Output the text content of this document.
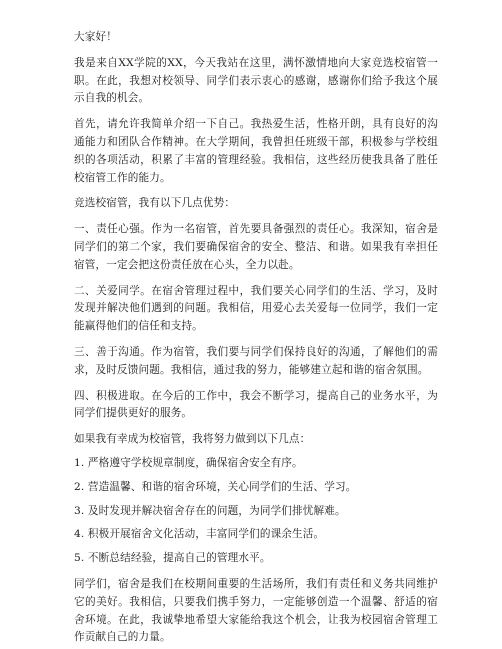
大家好！

我是来自XX学院的XX，今天我站在这里，满怀激情地向大家竞选校宿管一职。在此，我想对校领导、同学们表示衷心的感谢，感谢你们给予我这个展示自我的机会。

首先，请允许我简单介绍一下自己。我热爱生活，性格开朗，具有良好的沟通能力和团队合作精神。在大学期间，我曾担任班级干部，积极参与学校组织的各项活动，积累了丰富的管理经验。我相信，这些经历使我具备了胜任校宿管工作的能力。

竞选校宿管，我有以下几点优势：

一、责任心强。作为一名宿管，首先要具备强烈的责任心。我深知，宿舍是同学们的第二个家，我们要确保宿舍的安全、整洁、和谐。如果我有幸担任宿管，一定会把这份责任放在心头，全力以赴。

二、关爱同学。在宿舍管理过程中，我们要关心同学们的生活、学习，及时发现并解决他们遇到的问题。我相信，用爱心去关爱每一位同学，我们一定能赢得他们的信任和支持。

三、善于沟通。作为宿管，我们要与同学们保持良好的沟通，了解他们的需求，及时反馈问题。我相信，通过我的努力，能够建立起和谐的宿舍氛围。

四、积极进取。在今后的工作中，我会不断学习，提高自己的业务水平，为同学们提供更好的服务。

如果我有幸成为校宿管，我将努力做到以下几点：

1. 严格遵守学校规章制度，确保宿舍安全有序。

2. 营造温馨、和谐的宿舍环境，关心同学们的生活、学习。

3. 及时发现并解决宿舍存在的问题，为同学们排忧解难。

4. 积极开展宿舍文化活动，丰富同学们的课余生活。

5. 不断总结经验，提高自己的管理水平。

同学们，宿舍是我们在校期间重要的生活场所，我们有责任和义务共同维护它的美好。我相信，只要我们携手努力，一定能够创造一个温馨、舒适的宿舍环境。在此，我诚挚地希望大家能给我这个机会，让我为校园宿舍管理工作贡献自己的力量。
